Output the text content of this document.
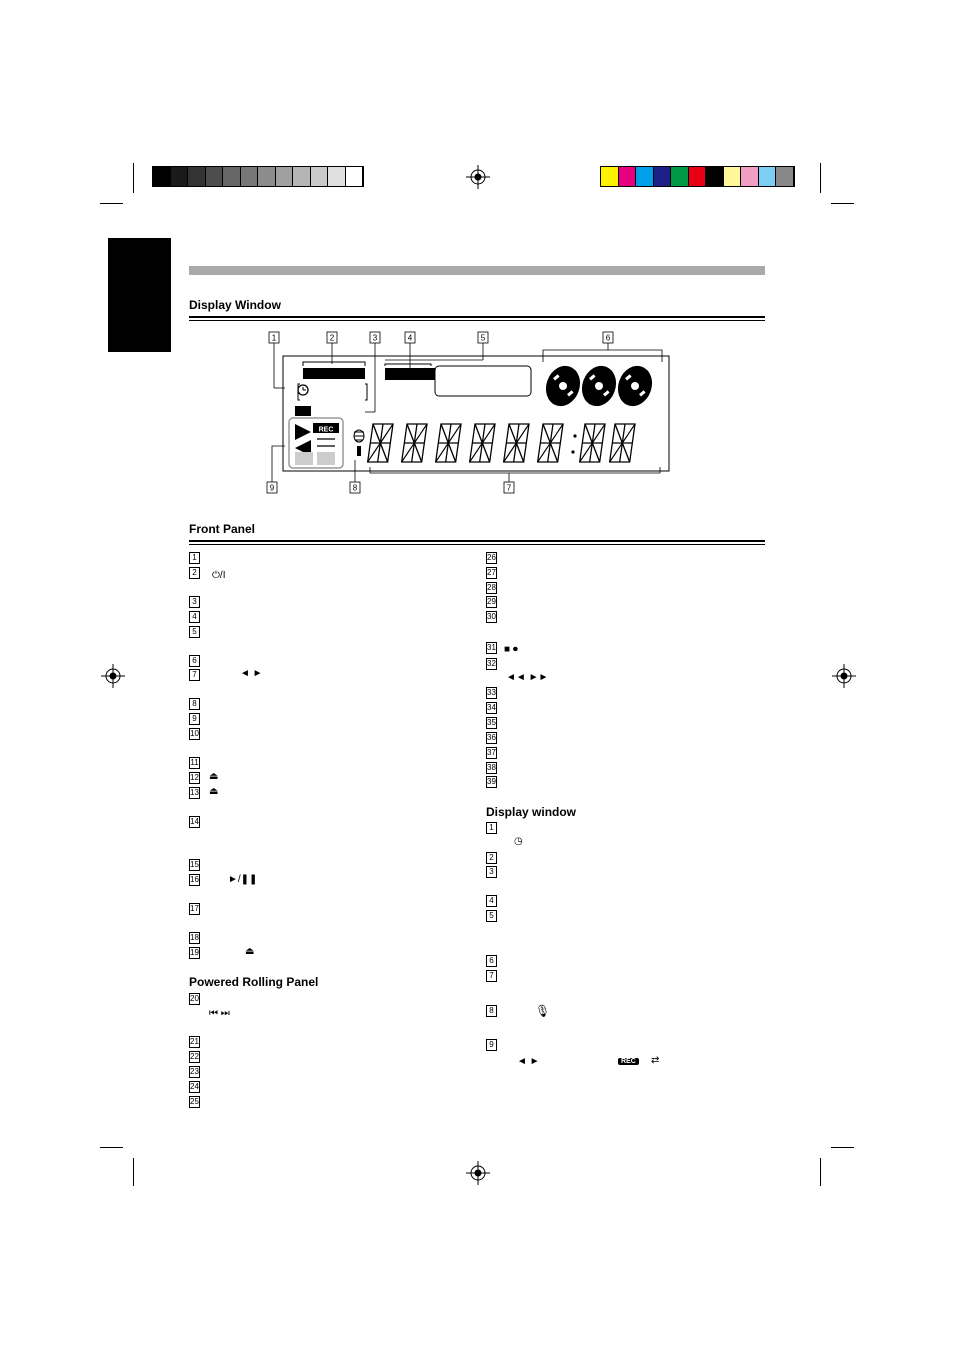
Display Window
1	2	3	4	5	6
7
8
9
REC
Front Panel
1
2
3
4
5
6
7
8
9
10
11
12
13
14
15
16
17
18
19
Powered Rolling Panel
20
21
22
23
24
25
26
27
28
29
30
31
32
33
34
35
36
37
38
39
Display window
1
2
3
4
5
6
7
8
9
⏻/I
◄ ►
⏏
⏏
►/❚❚
⏏
⏮ ⏭
■ ⏺
◄◄ ►►
◷
🎙
◄ ►	REC	⇄
